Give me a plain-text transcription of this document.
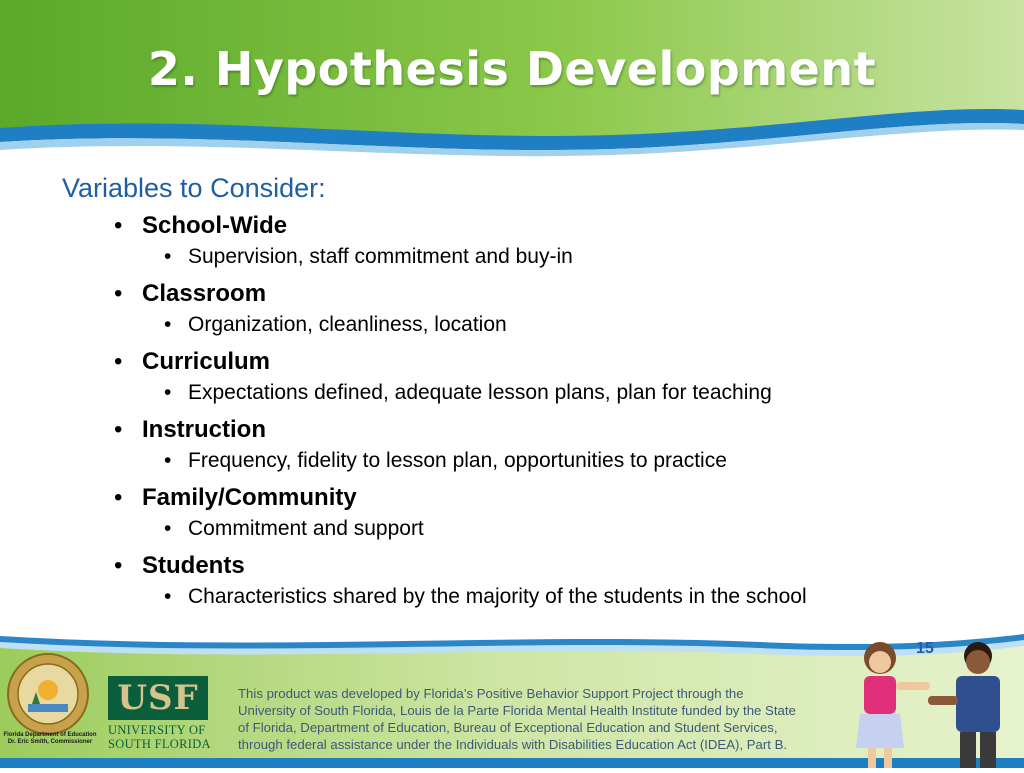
2. Hypothesis Development
Variables to Consider:
• School-Wide
• Supervision, staff commitment and buy-in
• Classroom
• Organization, cleanliness, location
• Curriculum
• Expectations defined, adequate lesson plans, plan for teaching
• Instruction
• Frequency, fidelity to lesson plan, opportunities to practice
• Family/Community
• Commitment and support
• Students
• Characteristics shared by the majority of the students in the school
15
Florida Department of Education
Dr. Eric Smith, Commissioner
USF
UNIVERSITY OF
SOUTH FLORIDA
This product was developed by Florida’s Positive Behavior Support Project through the
University of South Florida, Louis de la Parte Florida Mental Health Institute funded by the State
of Florida, Department of Education, Bureau of Exceptional Education and Student Services,
through federal assistance under the Individuals with Disabilities Education Act (IDEA), Part B.
